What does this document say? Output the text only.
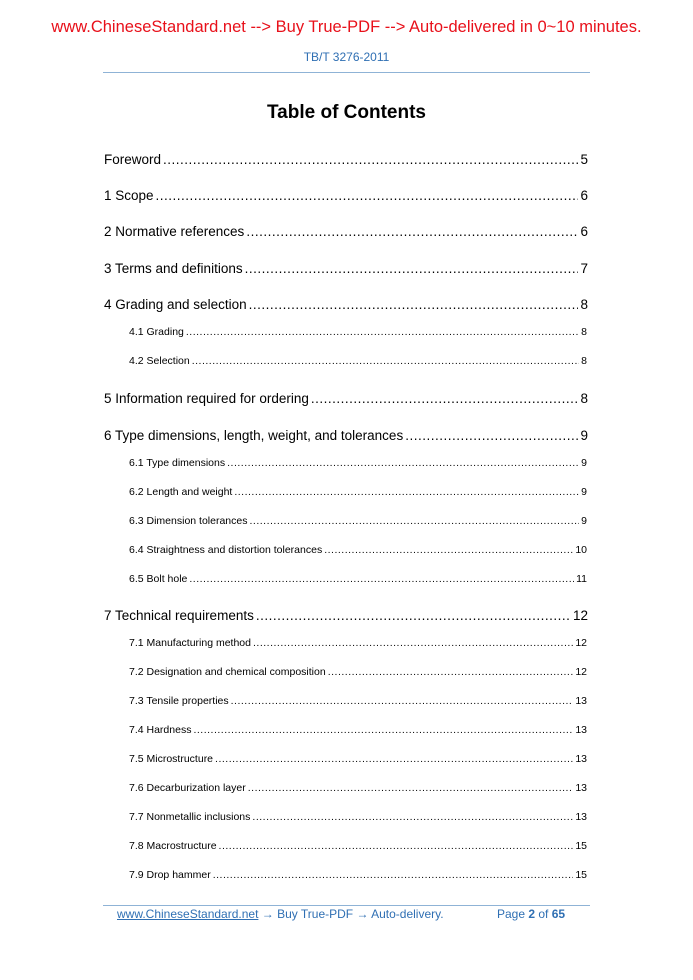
www.ChineseStandard.net --> Buy True-PDF --> Auto-delivered in 0~10 minutes.
TB/T 3276-2011
Table of Contents
Foreword .....	5
1 Scope .....	6
2 Normative references .....	6
3 Terms and definitions .....	7
4 Grading and selection .....	8
4.1 Grading .....	8
4.2 Selection .....	8
5 Information required for ordering .....	8
6 Type dimensions, length, weight, and tolerances .....	9
6.1 Type dimensions .....	9
6.2 Length and weight .....	9
6.3 Dimension tolerances .....	9
6.4 Straightness and distortion tolerances .....	10
6.5 Bolt hole .....	11
7 Technical requirements .....	12
7.1 Manufacturing method .....	12
7.2 Designation and chemical composition .....	12
7.3 Tensile properties .....	13
7.4 Hardness .....	13
7.5 Microstructure .....	13
7.6 Decarburization layer .....	13
7.7 Nonmetallic inclusions .....	13
7.8 Macrostructure .....	15
7.9 Drop hammer .....	15
www.ChineseStandard.net → Buy True-PDF → Auto-delivery.	Page 2 of 65
